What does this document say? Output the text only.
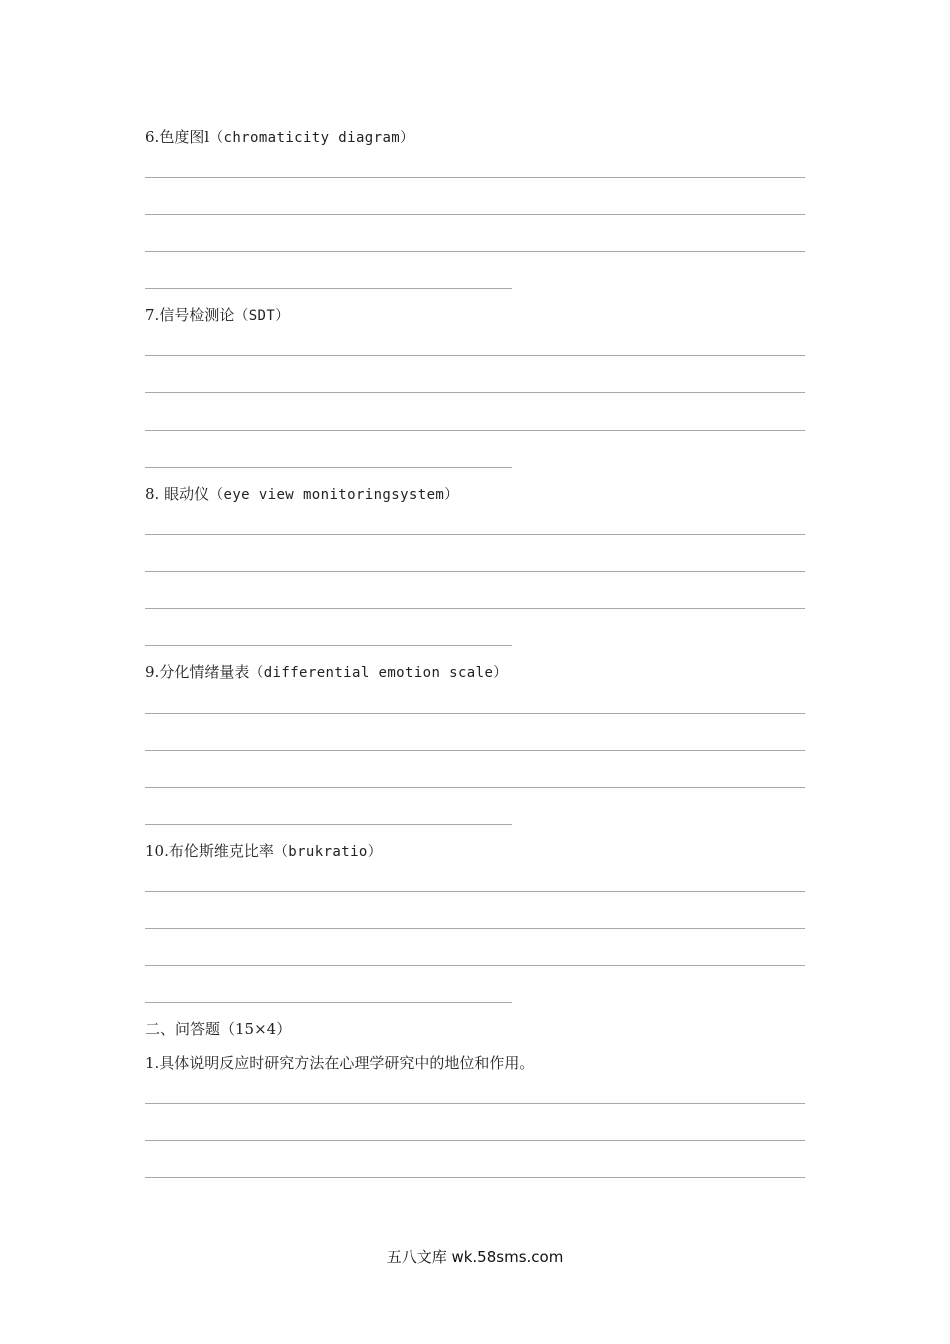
6.色度图l（chromaticity diagram）
7.信号检测论（SDT）
8. 眼动仪（eye view monitoringsystem）
9.分化情绪量表（differential emotion scale）
10.布伦斯维克比率（brukratio）
二、问答题（15×4）
1.具体说明反应时研究方法在心理学研究中的地位和作用。
五八文库 wk.58sms.com
